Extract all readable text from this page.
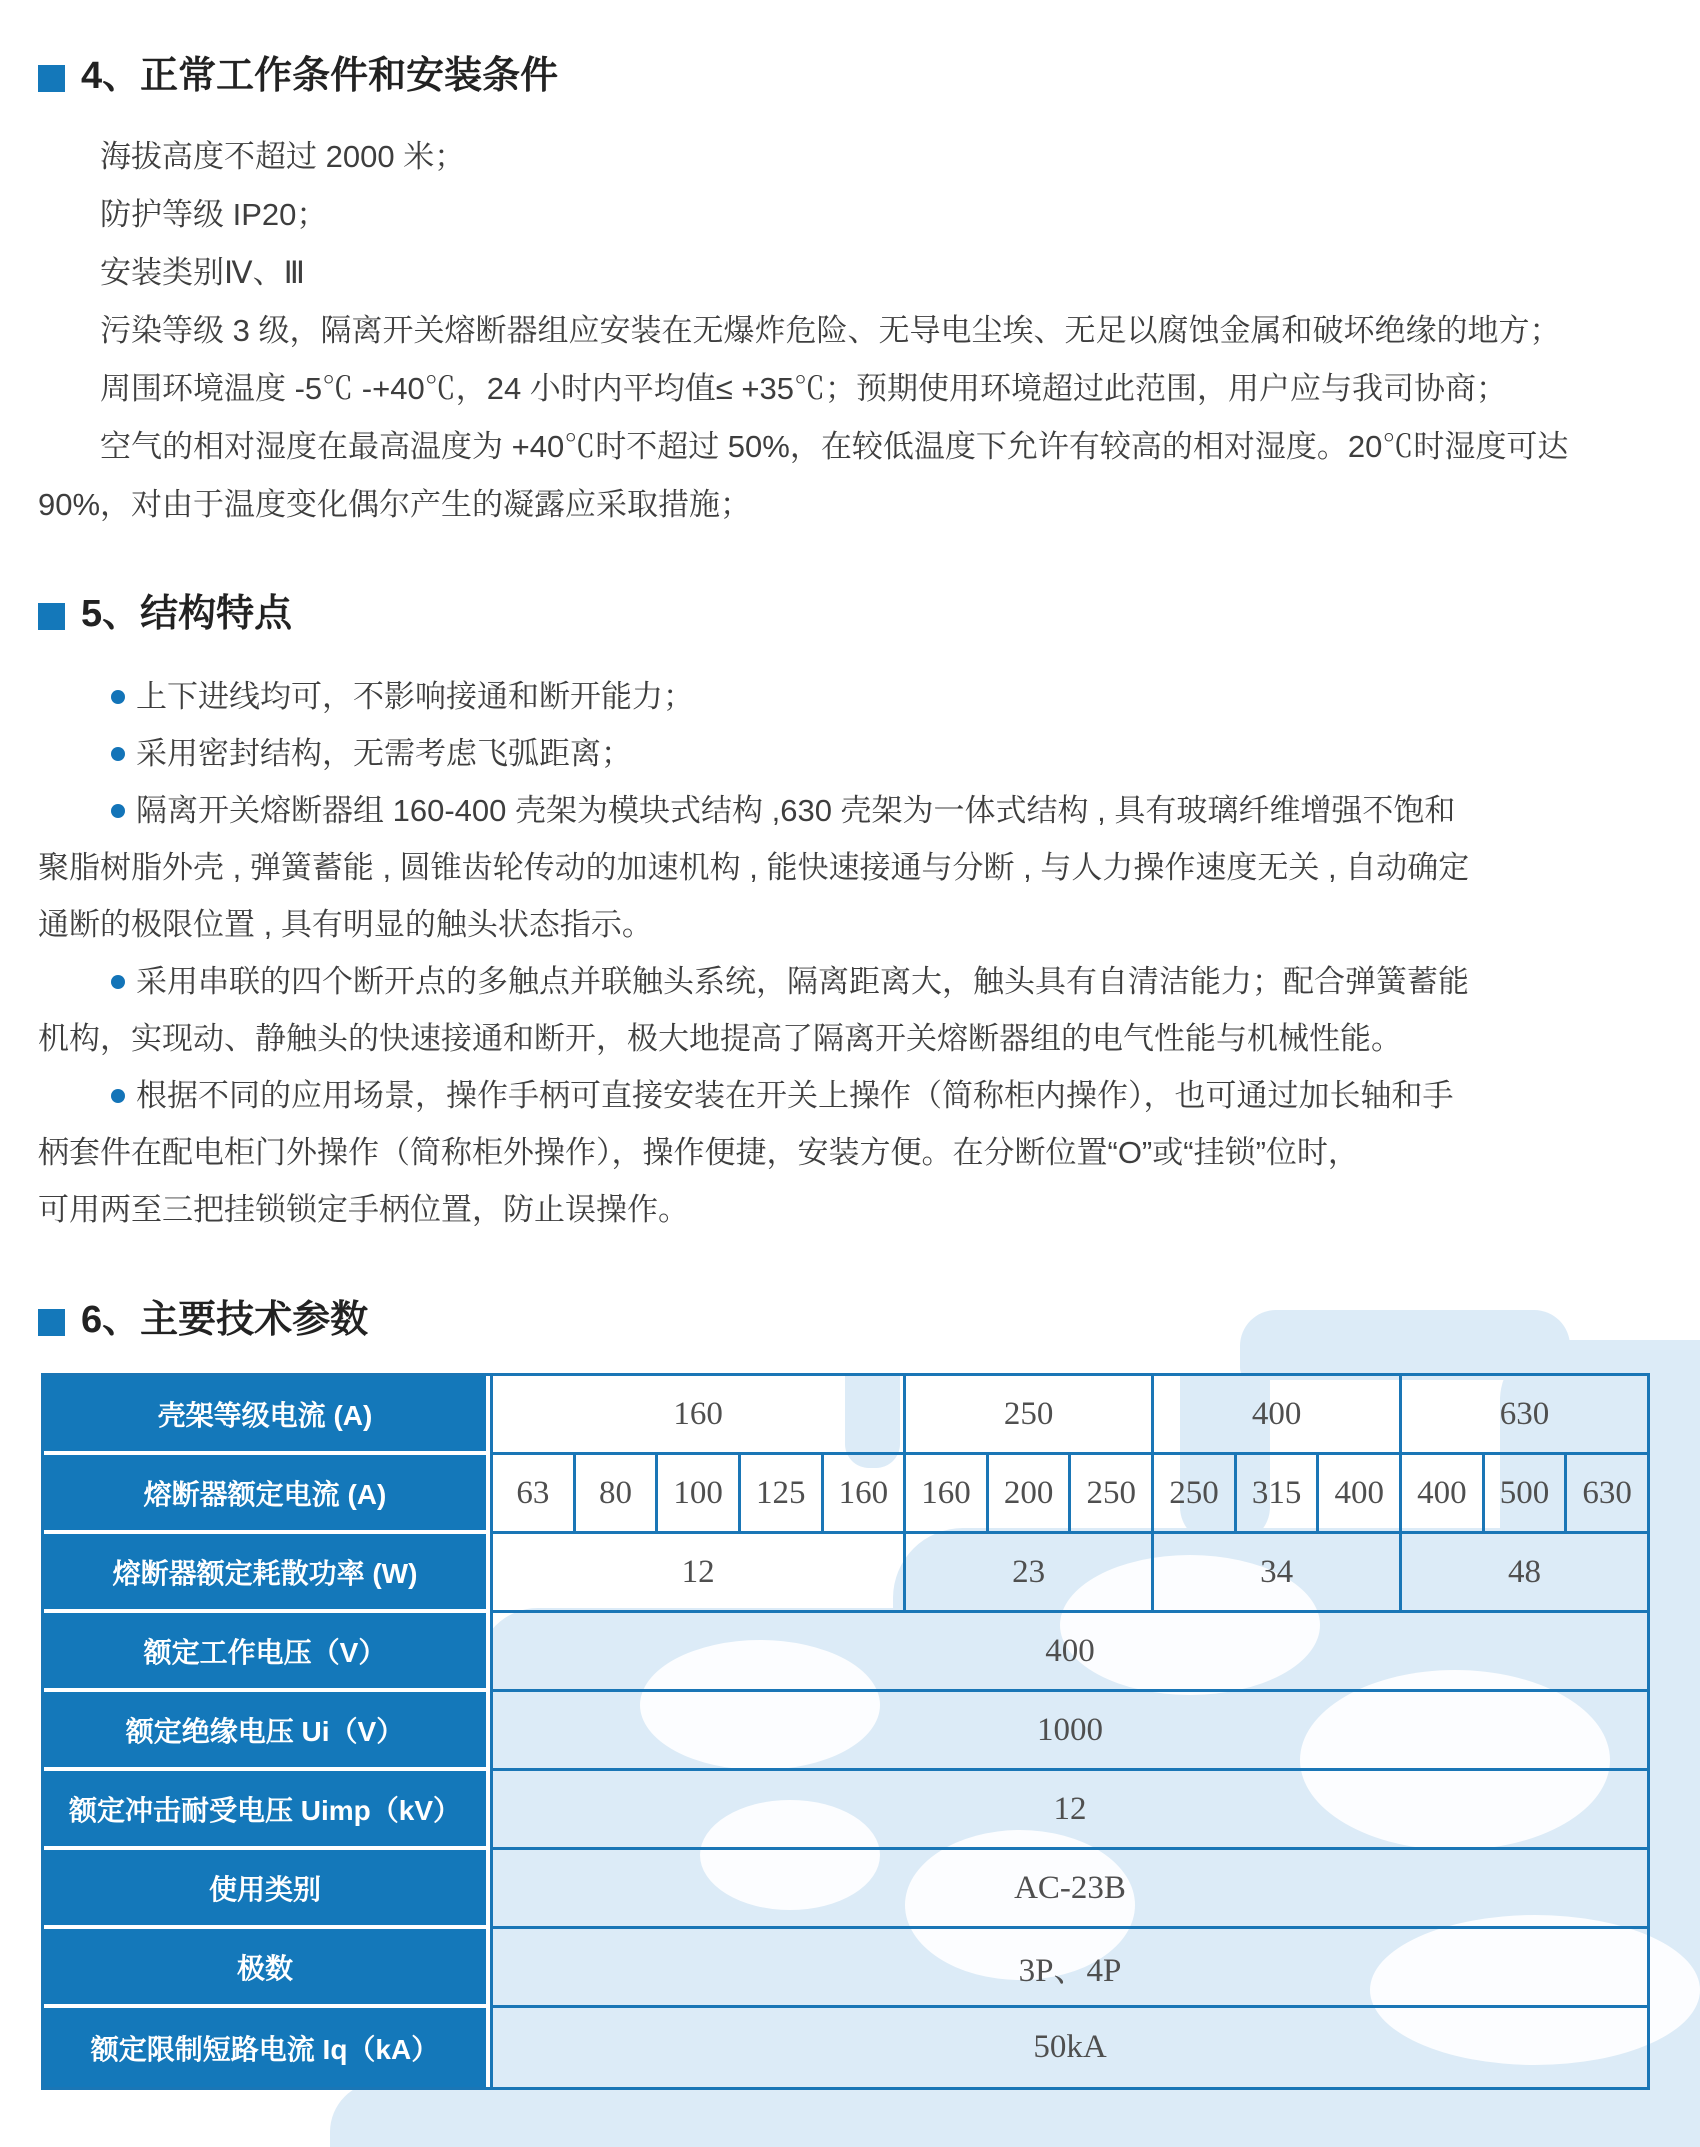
4、正常工作条件和安装条件
海拔高度不超过 2000 米；
防护等级 IP20；
安装类别Ⅳ、Ⅲ
污染等级 3 级，隔离开关熔断器组应安装在无爆炸危险、无导电尘埃、无足以腐蚀金属和破坏绝缘的地方；
周围环境温度 -5℃ -+40℃，24 小时内平均值≤ +35℃；预期使用环境超过此范围，用户应与我司协商；
空气的相对湿度在最高温度为 +40℃时不超过 50%，在较低温度下允许有较高的相对湿度。20℃时湿度可达
90%，对由于温度变化偶尔产生的凝露应采取措施；
5、结构特点
上下进线均可，不影响接通和断开能力；
采用密封结构，无需考虑飞弧距离；
隔离开关熔断器组 160-400 壳架为模块式结构 ,630 壳架为一体式结构 , 具有玻璃纤维增强不饱和
聚脂树脂外壳 , 弹簧蓄能 , 圆锥齿轮传动的加速机构 , 能快速接通与分断 , 与人力操作速度无关 , 自动确定
通断的极限位置 , 具有明显的触头状态指示。
采用串联的四个断开点的多触点并联触头系统，隔离距离大，触头具有自清洁能力；配合弹簧蓄能
机构，实现动、静触头的快速接通和断开，极大地提高了隔离开关熔断器组的电气性能与机械性能。
根据不同的应用场景，操作手柄可直接安装在开关上操作（简称柜内操作），也可通过加长轴和手
柄套件在配电柜门外操作（简称柜外操作），操作便捷，安装方便。在分断位置“O”或“挂锁”位时，
可用两至三把挂锁锁定手柄位置，防止误操作。
6、主要技术参数
壳架等级电流 (A)	160					250			400			630		
熔断器额定电流 (A)	63	80	100	125	160	160	200	250	250	315	400	400	500	630
熔断器额定耗散功率 (W)	12					23			34			48		
额定工作电压（V）	400													
额定绝缘电压 Ui（V）	1000													
额定冲击耐受电压 Uimp（kV）	12													
使用类别	AC-23B													
极数	3P、4P													
额定限制短路电流 Iq（kA）	50kA													
